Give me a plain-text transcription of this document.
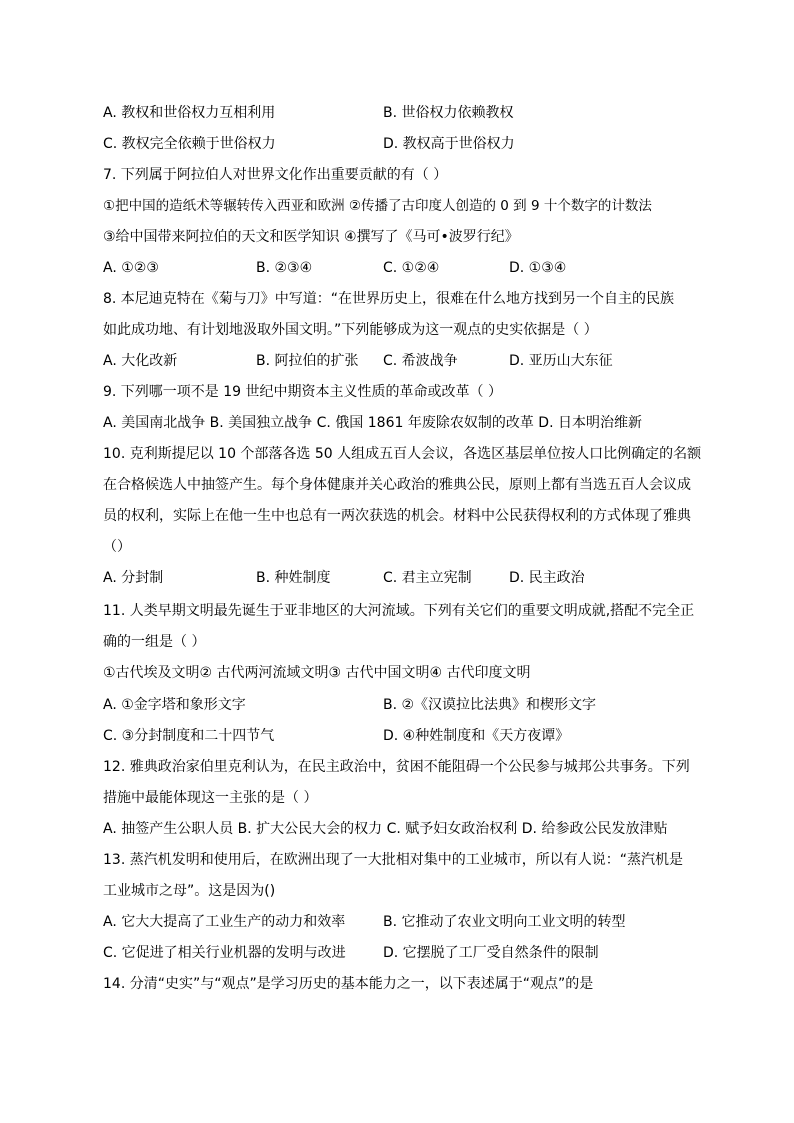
A. 教权和世俗权力互相利用	B. 世俗权力依赖教权
C. 教权完全依赖于世俗权力	D. 教权高于世俗权力
7. 下列属于阿拉伯人对世界文化作出重要贡献的有（ ）
①把中国的造纸术等辗转传入西亚和欧洲 ②传播了古印度人创造的 0 到 9 十个数字的计数法
③给中国带来阿拉伯的天文和医学知识 ④撰写了《马可•波罗行纪》
A. ①②③	B. ②③④	C. ①②④	D. ①③④
8. 本尼迪克特在《菊与刀》中写道：“在世界历史上，很难在什么地方找到另一个自主的民族
如此成功地、有计划地汲取外国文明。”下列能够成为这一观点的史实依据是（ ）
A. 大化改新	B. 阿拉伯的扩张 C. 希波战争	D. 亚历山大东征
9. 下列哪一项不是 19 世纪中期资本主义性质的革命或改革（ ）
A. 美国南北战争 B. 美国独立战争 C. 俄国 1861 年废除农奴制的改革 D. 日本明治维新
10. 克利斯提尼以 10 个部落各选 50 人组成五百人会议，各选区基层单位按人口比例确定的名额
在合格候选人中抽签产生。每个身体健康并关心政治的雅典公民，原则上都有当选五百人会议成
员的权利，实际上在他一生中也总有一两次获选的机会。材料中公民获得权利的方式体现了雅典
（）
A. 分封制	B. 种姓制度	C. 君主立宪制	D. 民主政治
11. 人类早期文明最先诞生于亚非地区的大河流域。下列有关它们的重要文明成就,搭配不完全正
确的一组是（ ）
①古代埃及文明② 古代两河流域文明③ 古代中国文明④ 古代印度文明
A. ①金字塔和象形文字	B. ②《汉谟拉比法典》和楔形文字
C. ③分封制度和二十四节气	D. ④种姓制度和《天方夜谭》
12. 雅典政治家伯里克利认为，在民主政治中，贫困不能阻碍一个公民参与城邦公共事务。下列
措施中最能体现这一主张的是（ ）
A. 抽签产生公职人员 B. 扩大公民大会的权力 C. 赋予妇女政治权利 D. 给参政公民发放津贴
13. 蒸汽机发明和使用后，在欧洲出现了一大批相对集中的工业城市，所以有人说：“蒸汽机是
工业城市之母”。这是因为()
A. 它大大提高了工业生产的动力和效率	B. 它推动了农业文明向工业文明的转型
C. 它促进了相关行业机器的发明与改进	D. 它摆脱了工厂受自然条件的限制
14. 分清“史实”与“观点”是学习历史的基本能力之一，以下表述属于“观点”的是
